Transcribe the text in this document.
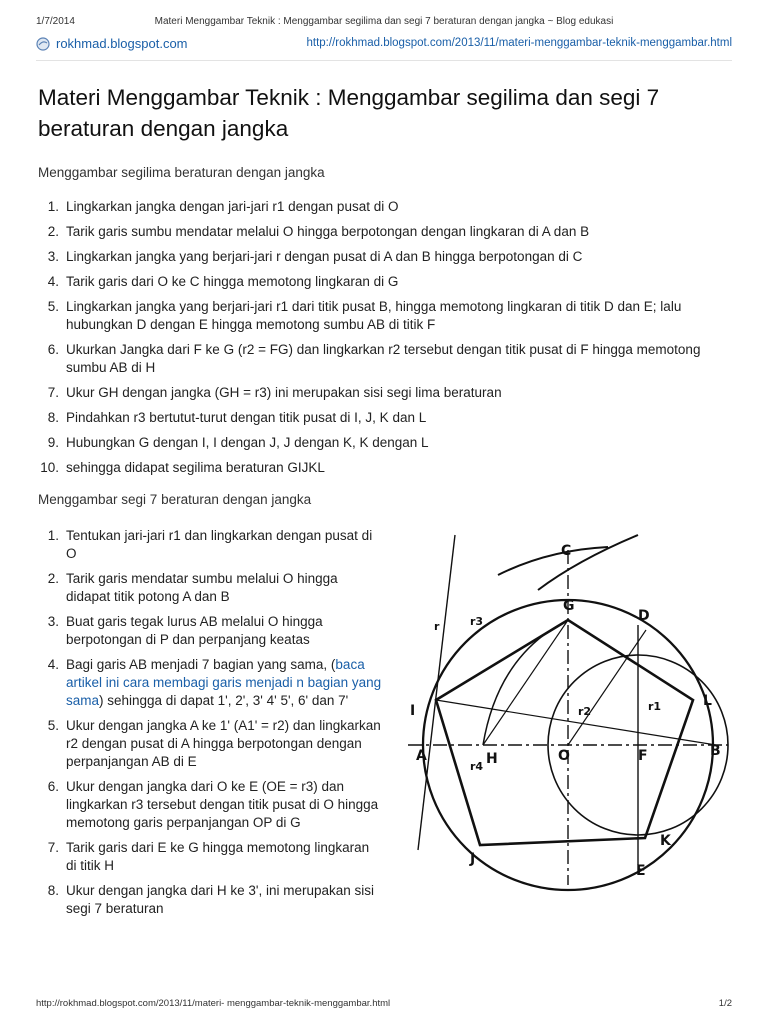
1/7/2014	Materi Menggambar Teknik : Menggambar segilima dan segi 7 beraturan dengan jangka ~ Blog edukasi
rokhmad.blogspot.com	http://rokhmad.blogspot.com/2013/11/materi-menggambar-teknik-menggambar.html
Materi Menggambar Teknik : Menggambar segilima dan segi 7 beraturan dengan jangka
Menggambar segilima beraturan dengan jangka
1. Lingkarkan jangka dengan jari-jari r1 dengan pusat di O
2. Tarik garis sumbu mendatar melalui O hingga berpotongan dengan lingkaran di A dan B
3. Lingkarkan jangka yang berjari-jari r dengan pusat di A dan B hingga berpotongan di C
4. Tarik garis dari O ke C hingga memotong lingkaran di G
5. Lingkarkan jangka yang berjari-jari r1 dari titik pusat B, hingga memotong lingkaran di titik D dan E; lalu hubungkan D dengan E hingga memotong sumbu AB di titik F
6. Ukurkan Jangka dari F ke G (r2 = FG) dan lingkarkan r2 tersebut dengan titik pusat di F hingga memotong sumbu AB di H
7. Ukur GH dengan jangka (GH = r3) ini merupakan sisi segi lima beraturan
8. Pindahkan r3 bertutut-turut dengan titik pusat di I, J, K dan L
9. Hubungkan G dengan I, I dengan J, J dengan K, K dengan L
10. sehingga didapat segilima beraturan GIJKL
Menggambar segi 7 beraturan dengan jangka
1. Tentukan jari-jari r1 dan lingkarkan dengan pusat di O
2. Tarik garis mendatar sumbu melalui O hingga didapat titik potong A dan B
3. Buat garis tegak lurus AB melalui O hingga berpotongan di P dan perpanjang keatas
4. Bagi garis AB menjadi 7 bagian yang sama, (baca artikel ini cara membagi garis menjadi n bagian yang sama) sehingga di dapat 1', 2', 3' 4' 5', 6' dan 7'
5. Ukur dengan jangka A ke 1' (A1' = r2) dan lingkarkan r2 dengan pusat di A hingga berpotongan dengan perpanjangan AB di E
6. Ukur dengan jangka dari O ke E (OE = r3) dan lingkarkan r3 tersebut dengan titik pusat di O hingga memotong garis perpanjangan OP di G
7. Tarik garis dari E ke G hingga memotong lingkaran di titik H
8. Ukur dengan jangka dari H ke 3', ini merupakan sisi segi 7 beraturan
C
G
D
L
I
A	H	O	F	B
J
K
E
r	r3
r2	r1
r4
http://rokhmad.blogspot.com/2013/11/materi- menggambar-teknik-menggambar.html	1/2
